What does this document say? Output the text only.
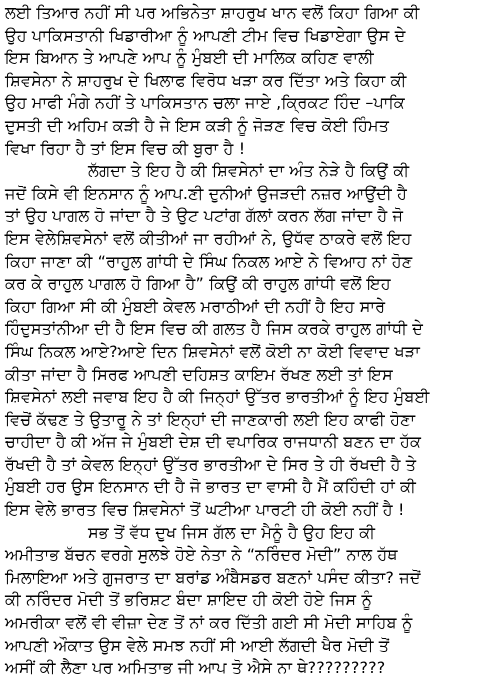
ਲਈ ਤਿਆਰ ਨਹੀਂ ਸੀ ਪਰ ਅਭਿਨੇਤਾ ਸ਼ਾਹਰੁਖ ਖਾਨ ਵਲੋਂ ਕਿਹਾ ਗਿਆ ਕੀ
ਉਹ ਪਾਕਿਸਤਾਨੀ ਖਿਡਾਰੀਆ ਨੂੰ ਆਪਣੀ ਟੀਮ ਵਿਚ ਖਿਡਾਏਗਾ ਉਸ ਦੇ
ਇਸ ਬਿਆਨ ਤੇ ਆਪਣੇ ਆਪ ਨੂੰ ਮੁੰਬਈ ਦੀ ਮਾਲਿਕ ਕਹਿਣ ਵਾਲੀ
ਸ਼ਿਵਸੇਨਾ ਨੇ ਸ਼ਾਹਰੁਖ ਦੇ ਖਿਲਾਫ ਵਿਰੋਧ ਖੜਾ ਕਰ ਦਿੱਤਾ ਅਤੇ ਕਿਹਾ ਕੀ
ਉਹ ਮਾਫੀ ਮੰਗੇ ਨਹੀਂ ਤੇ ਪਾਕਿਸਤਾਨ ਚਲਾ ਜਾਏ ,ਕ੍ਰਿਕਟ ਹਿੰਦ –ਪਾਕਿ
ਦੁਸਤੀ ਦੀ ਅਹਿਮ ਕੜੀ ਹੈ ਜੇ ਇਸ ਕੜੀ ਨੂੰ ਜੋੜਣ ਵਿਚ ਕੋਈ ਹਿੰਮਤ
ਵਿਖਾ ਰਿਹਾ ਹੈ ਤਾਂ ਇਸ ਵਿਚ ਕੀ ਬੁਰਾ ਹੈ !
ਲੱਗਦਾ ਤੇ ਇਹ ਹੈ ਕੀ ਸ਼ਿਵਸੇਨਾਂ ਦਾ ਅੰਤ ਨੇੜੇ ਹੈ ਕਿਉਂ ਕੀ
ਜਦੋਂ ਕਿਸੇ ਵੀ ਇਨਸਾਨ ਨੂੰ ਆਪ.ਣੀ ਦੁਨੀਆਂ ਉਜੜਦੀ ਨਜ਼ਰ ਆਉਂਦੀ ਹੈ
ਤਾਂ ਉਹ ਪਾਗਲ ਹੋ ਜਾਂਦਾ ਹੈ ਤੇ ਉਟ ਪਟਾਂਗ ਗੱਲਾਂ ਕਰਨ ਲੱਗ ਜਾਂਦਾ ਹੈ ਜੋ
ਇਸ ਵੇਲੇਸ਼ਿਵਸੇਨਾਂ ਵਲੋਂ ਕੀਤੀਆਂ ਜਾ ਰਹੀਆਂ ਨੇ, ਉਧੱਵ ਠਾਕਰੇ ਵਲੋਂ ਇਹ
ਕਿਹਾ ਜਾਣਾ ਕੀ “ਰਾਹੁਲ ਗਾਂਧੀ ਦੇ ਸਿੰਘ ਨਿਕਲ ਆਏ ਨੇ ਵਿਆਹ ਨਾਂ ਹੋਣ
ਕਰ ਕੇ ਰਾਹੁਲ ਪਾਗਲ ਹੋ ਗਿਆ ਹੈ” ਕਿਉਂ ਕੀ ਰਾਹੁਲ ਗਾਂਧੀ ਵਲੋਂ ਇਹ
ਕਿਹਾ ਗਿਆ ਸੀ ਕੀ ਮੁੰਬਈ ਕੇਵਲ ਮਰਾਠੀਆਂ ਦੀ ਨਹੀਂ ਹੈ ਇਹ ਸਾਰੇ
ਹਿੰਦੁਸਤਾਂਨੀਆ ਦੀ ਹੈ ਇਸ ਵਿਚ ਕੀ ਗਲਤ ਹੈ ਜਿਸ ਕਰਕੇ ਰਾਹੁਲ ਗਾਂਧੀ ਦੇ
ਸਿੰਘ ਨਿਕਲ ਆਏ?ਆਏ ਦਿਨ ਸ਼ਿਵਸੇਨਾਂ ਵਲੋਂ ਕੋਈ ਨਾ ਕੋਈ ਵਿਵਾਦ ਖੜਾ
ਕੀਤਾ ਜਾਂਦਾ ਹੈ ਸਿਰਫ ਆਪਣੀ ਦਹਿਸ਼ਤ ਕਾਇਮ ਰੱਖਣ ਲਈ ਤਾਂ ਇਸ
ਸ਼ਿਵਸੇਨਾਂ ਲਈ ਜਵਾਬ ਇਹ ਹੈ ਕੀ ਜਿਨ੍ਹਾਂ ਉੱਤਰ ਭਾਰਤੀਆਂ ਨੂੰ ਇਹ ਮੁੰਬਈ
ਵਿਚੋਂ ਕੱਢਣ ਤੇ ਉਤਾਰੂ ਨੇ ਤਾਂ ਇਨ੍ਹਾਂ ਦੀ ਜਾਣਕਾਰੀ ਲਈ ਇਹ ਕਾਫੀ ਹੋਣਾ
ਚਾਹੀਦਾ ਹੈ ਕੀ ਅੱਜ ਜੇ ਮੁੰਬਈ ਦੇਸ਼ ਦੀ ਵਪਾਰਿਕ ਰਾਜਧਾਨੀ ਬਣਨ ਦਾ ਹੱਕ
ਰੱਖਦੀ ਹੈ ਤਾਂ ਕੇਵਲ ਇਨ੍ਹਾਂ ਉੱਤਰ ਭਾਰਤੀਆ ਦੇ ਸਿਰ ਤੇ ਹੀ ਰੱਖਦੀ ਹੈ ਤੇ
ਮੁੰਬਈ ਹਰ ਉਸ ਇਨਸਾਨ ਦੀ ਹੈ ਜੋ ਭਾਰਤ ਦਾ ਵਾਸੀ ਹੈ ਮੈਂ ਕਹਿੰਦੀ ਹਾਂ ਕੀ
ਇਸ ਵੇਲੇ ਭਾਰਤ ਵਿਚ ਸ਼ਿਵਸੇਨਾਂ ਤੋਂ ਘਟੀਆ ਪਾਰਟੀ ਹੀ ਕੋਈ ਨਹੀਂ ਹੈ !
ਸਭ ਤੋਂ ਵੱਧ ਦੁਖ ਜਿਸ ਗੱਲ ਦਾ ਮੈਨੂੰ ਹੈ ਉਹ ਇਹ ਕੀ
ਅਮੀਤਾਭ ਬੱਚਨ ਵਰਗੇ ਸੁਲਝੇ ਹੋਏ ਨੇਤਾ ਨੇ “ਨਰਿੰਦਰ ਮੋਦੀ” ਨਾਲ ਹੱਥ
ਮਿਲਾਇਆ ਅਤੇ ਗੁਜਰਾਤ ਦਾ ਬਰਾਂਡ ਅੰਬੈਸਡਰ ਬਣਨਾਂ ਪਸੰਦ ਕੀਤਾ? ਜਦੋਂ
ਕੀ ਨਰਿੰਦਰ ਮੋਦੀ ਤੋਂ ਭਰਿਸ਼ਟ ਬੰਦਾ ਸ਼ਾਇਦ ਹੀ ਕੋਈ ਹੋਏ ਜਿਸ ਨੂੰ
ਅਮਰੀਕਾ ਵਲੋਂ ਵੀ ਵੀਜ਼ਾ ਦੇਣ ਤੋਂ ਨਾਂ ਕਰ ਦਿੱਤੀ ਗਈ ਸੀ ਮੋਦੀ ਸਾਹਿਬ ਨੂੰ
ਆਪਣੀ ਔਕਾਤ ਉਸ ਵੇਲੇ ਸਮਝ ਨਹੀਂ ਸੀ ਆਈ ਲੱਗਦੀ ਖੈਰ ਮੋਦੀ ਤੋਂ
ਅਸੀਂ ਕੀ ਲੈਣਾ ਪਰ ਅਮਿਤਾਭ ਜੀ ਆਪ ਤੋ ਐਸੇ ਨਾ ਥੇ?????????
